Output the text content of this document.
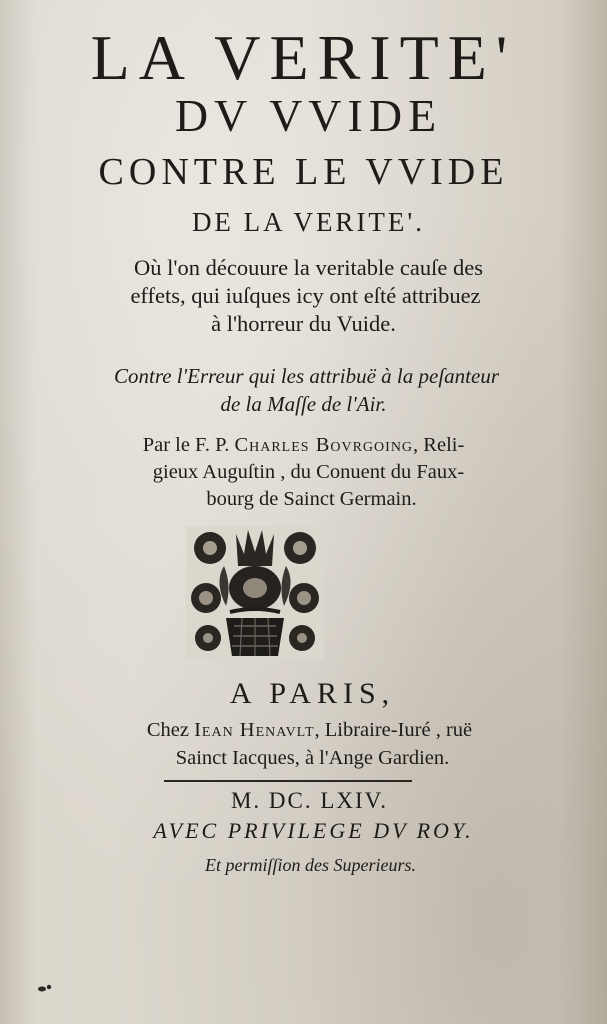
LA VERITE'
DV VVIDE
CONTRE LE VVIDE
DE LA VERITE'.
Où l'on découure la veritable cauſe des
effets, qui iuſques icy ont eſté attribuez
à l'horreur du Vuide.
Contre l'Erreur qui les attribuë à la peſanteur
de la Maſſe de l'Air.
Par le F. P. Charles Bovrgoing, Reli-
gieux Auguſtin , du Conuent du Faux-
bourg de Sainct Germain.
A PARIS,
Chez Iean Henavlt, Libraire-Iuré , ruë
Sainct Iacques, à l'Ange Gardien.
M. DC. LXIV.
AVEC PRIVILEGE DV ROY.
Et permiſſion des Superieurs.
